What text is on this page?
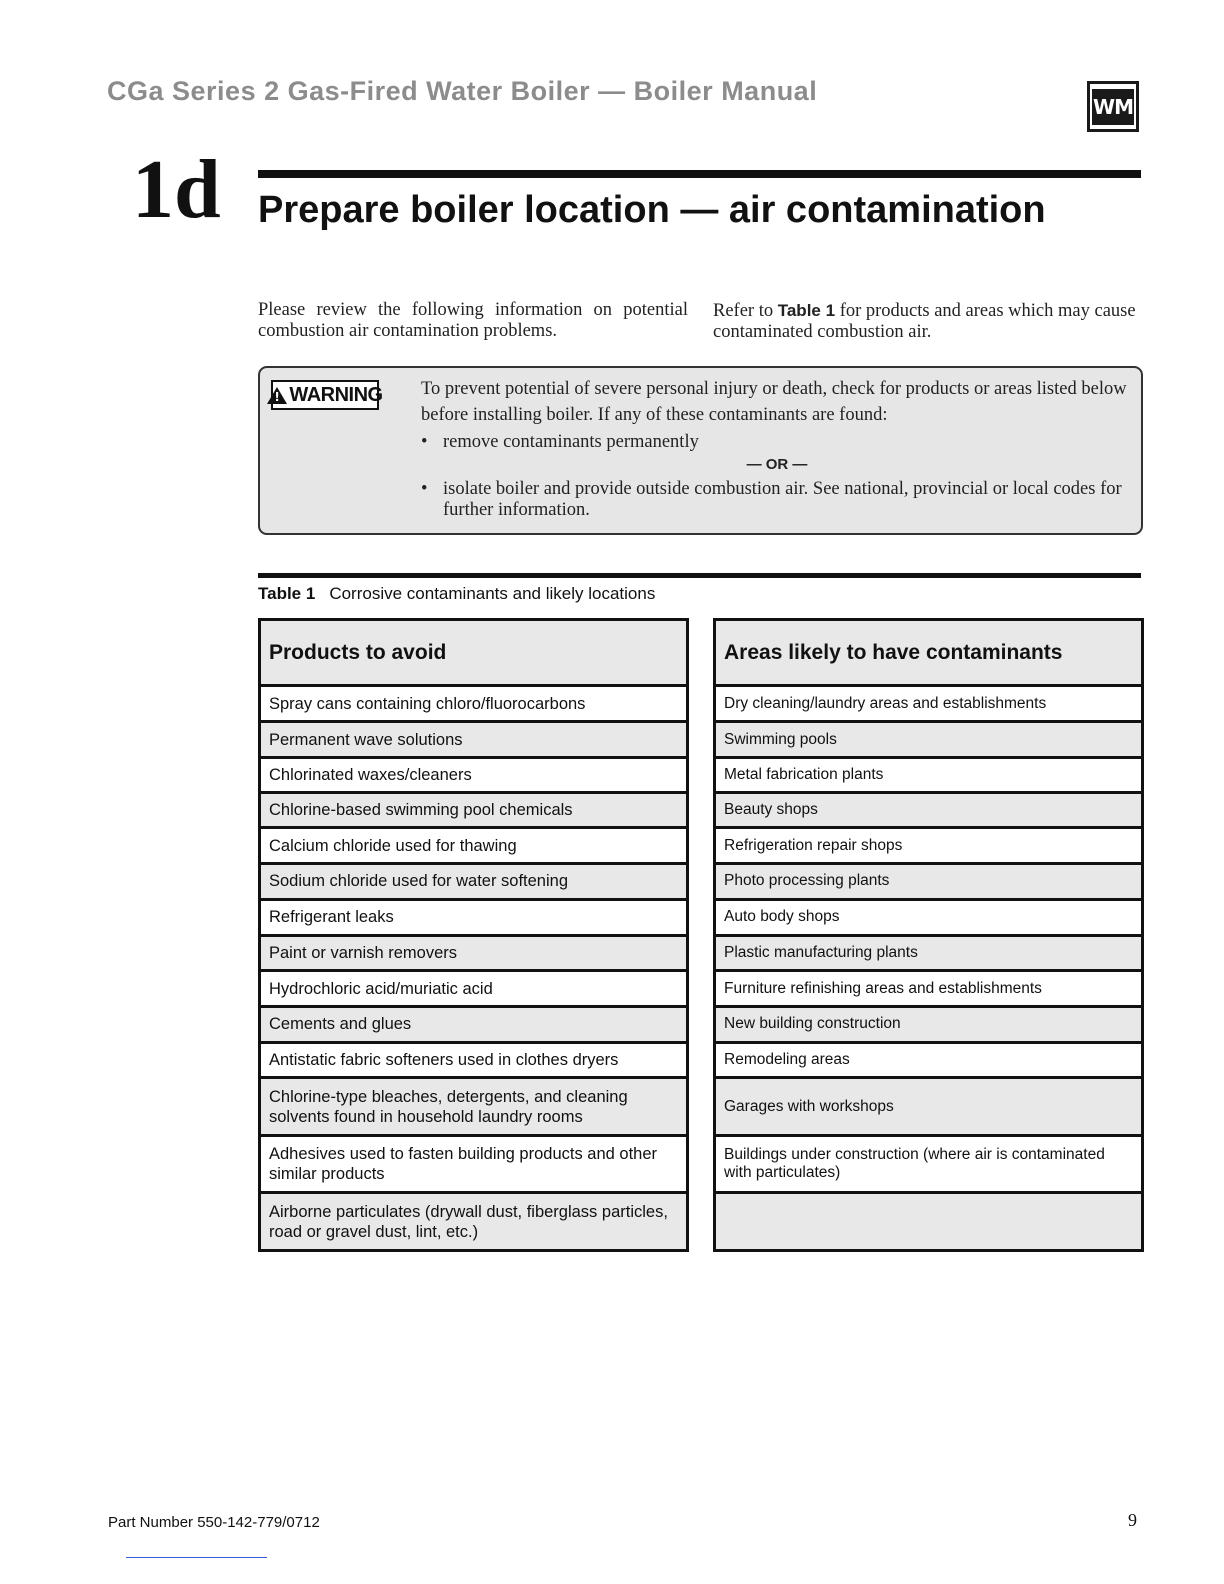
CGa Series 2 Gas-Fired Water Boiler — Boiler Manual
WM
1d Prepare boiler location — air contamination
Please review the following information on potential combustion air contamination problems.
Refer to Table 1 for products and areas which may cause contaminated combustion air.
!
WARNING To prevent potential of severe personal injury or death, check for products or areas listed below before installing boiler. If any of these contaminants are found:
• remove contaminants permanently
— OR —
• isolate boiler and provide outside combustion air. See national, provincial or local codes for further information.
Table 1 Corrosive contaminants and likely locations
Products to avoid
Spray cans containing chloro/fluorocarbons
Permanent wave solutions
Chlorinated waxes/cleaners
Chlorine-based swimming pool chemicals
Calcium chloride used for thawing
Sodium chloride used for water softening
Refrigerant leaks
Paint or varnish removers
Hydrochloric acid/muriatic acid
Cements and glues
Antistatic fabric softeners used in clothes dryers
Chlorine-type bleaches, detergents, and cleaning solvents found in household laundry rooms
Adhesives used to fasten building products and other similar products
Airborne particulates (drywall dust, fiberglass particles, road or gravel dust, lint, etc.)
Areas likely to have contaminants
Dry cleaning/laundry areas and establishments
Swimming pools
Metal fabrication plants
Beauty shops
Refrigeration repair shops
Photo processing plants
Auto body shops
Plastic manufacturing plants
Furniture refinishing areas and establishments
New building construction
Remodeling areas
Garages with workshops
Buildings under construction (where air is contaminated with particulates)
Part Number 550-142-779/0712	9
